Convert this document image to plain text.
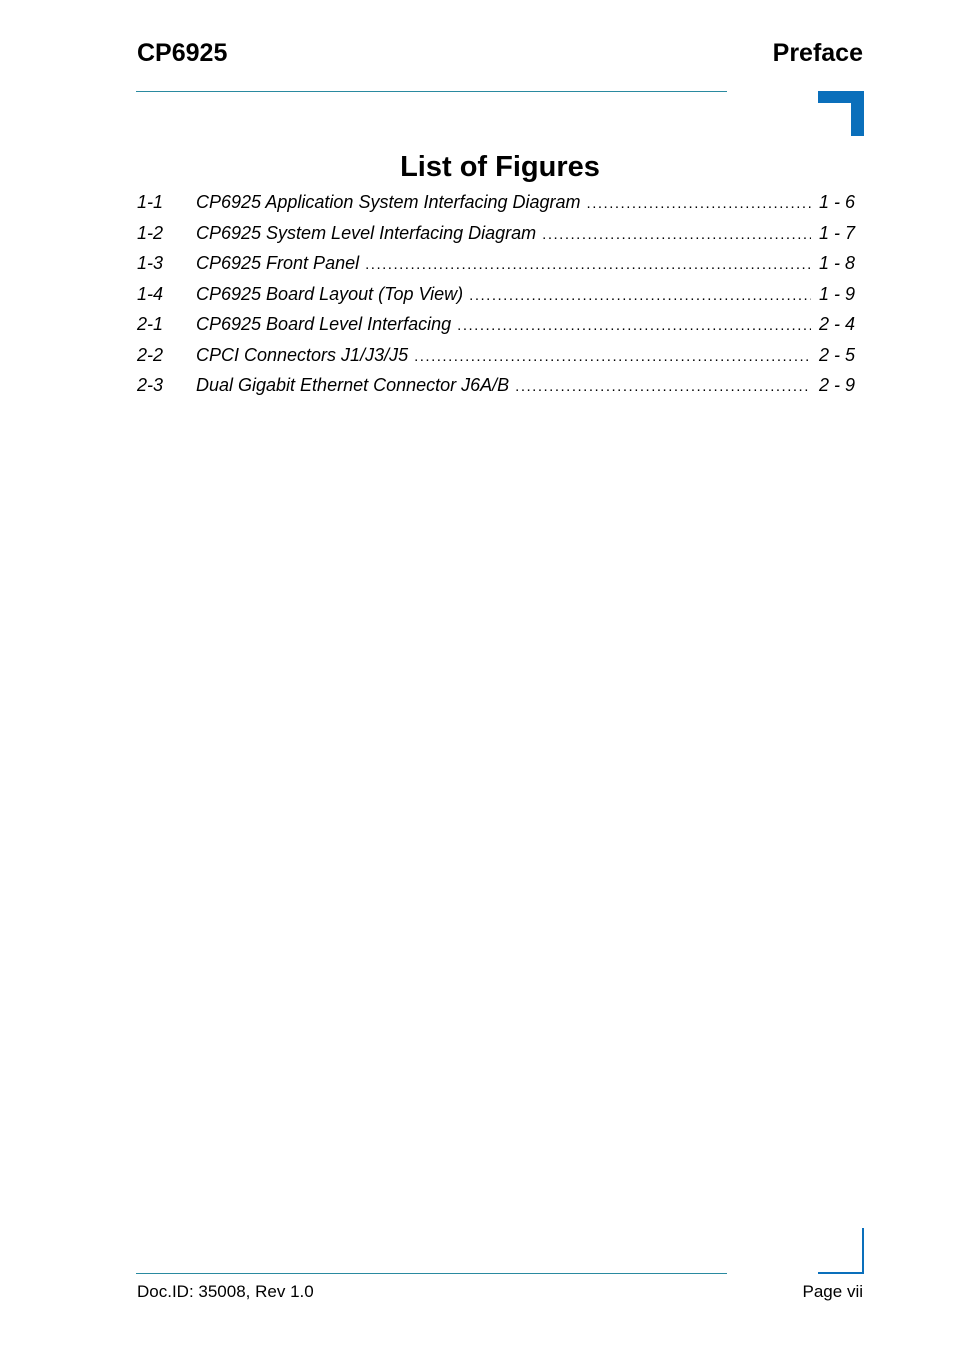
CP6925	Preface
List of Figures
1-1	CP6925 Application System Interfacing Diagram .....	1 - 6
1-2	CP6925 System Level Interfacing Diagram .....	1 - 7
1-3	CP6925 Front Panel .....	1 - 8
1-4	CP6925 Board Layout (Top View) .....	1 - 9
2-1	CP6925 Board Level Interfacing .....	2 - 4
2-2	CPCI Connectors J1/J3/J5 .....	2 - 5
2-3	Dual Gigabit Ethernet Connector J6A/B .....	2 - 9
Doc.ID: 35008, Rev 1.0	Page vii
